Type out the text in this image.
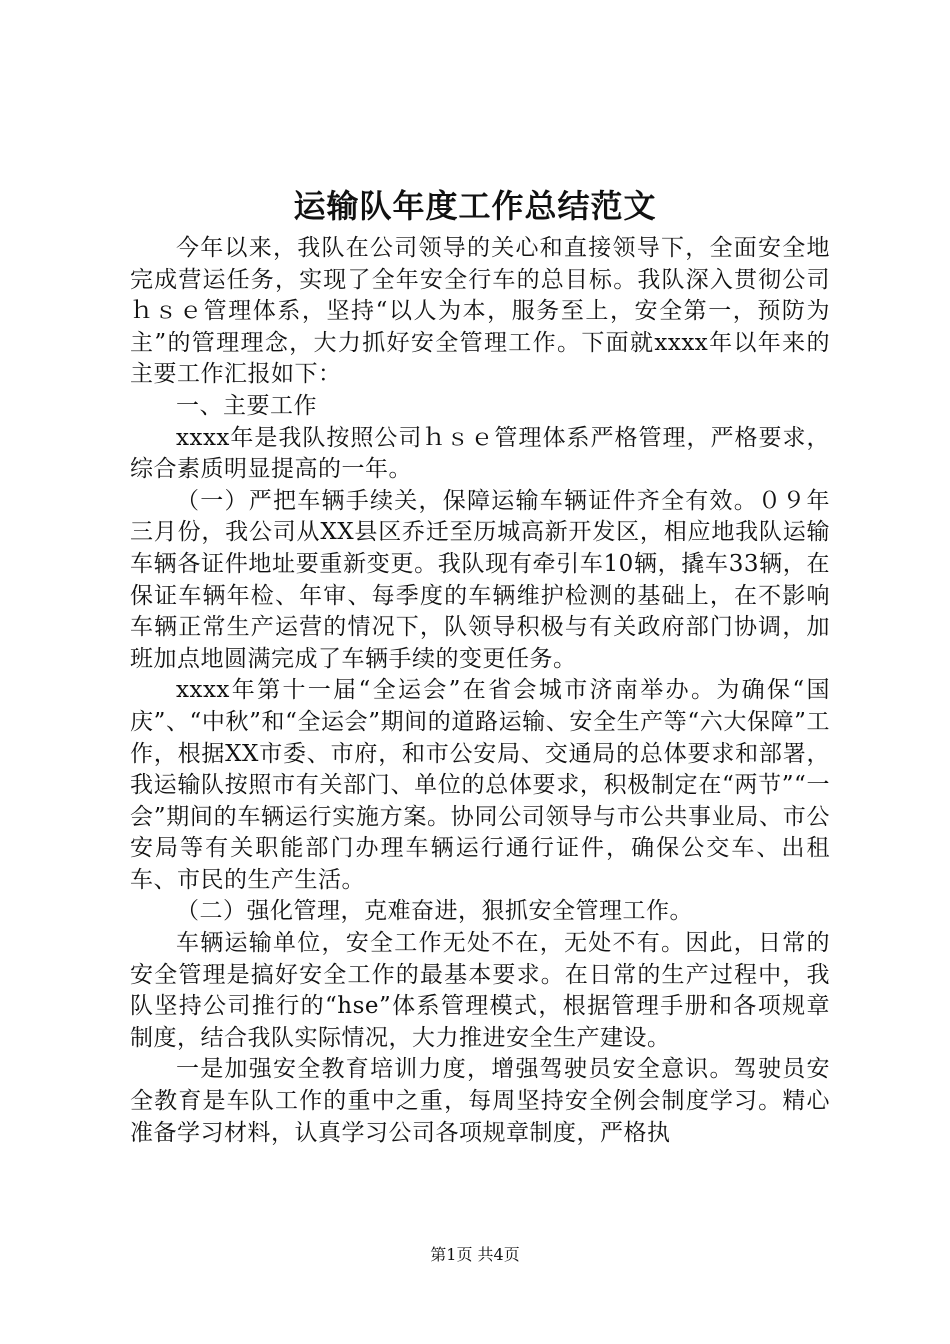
运输队年度工作总结范文

今年以来，我队在公司领导的关心和直接领导下，全面安全地完成营运任务，实现了全年安全行车的总目标。我队深入贯彻公司ｈｓｅ管理体系，坚持“以人为本，服务至上，安全第一，预防为主”的管理理念，大力抓好安全管理工作。下面就xxxx年以年来的主要工作汇报如下：

一、主要工作

xxxx年是我队按照公司ｈｓｅ管理体系严格管理，严格要求，综合素质明显提高的一年。

（一）严把车辆手续关，保障运输车辆证件齐全有效。０９年三月份，我公司从XX县区乔迁至历城高新开发区，相应地我队运输车辆各证件地址要重新变更。我队现有牵引车10辆，撬车33辆，在保证车辆年检、年审、每季度的车辆维护检测的基础上，在不影响车辆正常生产运营的情况下，队领导积极与有关政府部门协调，加班加点地圆满完成了车辆手续的变更任务。

xxxx年第十一届“全运会”在省会城市济南举办。为确保“国庆”、“中秋”和“全运会”期间的道路运输、安全生产等“六大保障”工作，根据XX市委、市府，和市公安局、交通局的总体要求和部署，我运输队按照市有关部门、单位的总体要求，积极制定在“两节”“一会”期间的车辆运行实施方案。协同公司领导与市公共事业局、市公安局等有关职能部门办理车辆运行通行证件，确保公交车、出租车、市民的生产生活。

（二）强化管理，克难奋进，狠抓安全管理工作。

车辆运输单位，安全工作无处不在，无处不有。因此，日常的安全管理是搞好安全工作的最基本要求。在日常的生产过程中，我队坚持公司推行的“hse”体系管理模式，根据管理手册和各项规章制度，结合我队实际情况，大力推进安全生产建设。

一是加强安全教育培训力度，增强驾驶员安全意识。驾驶员安全教育是车队工作的重中之重，每周坚持安全例会制度学习。精心准备学习材料，认真学习公司各项规章制度，严格执

第1页 共4页
